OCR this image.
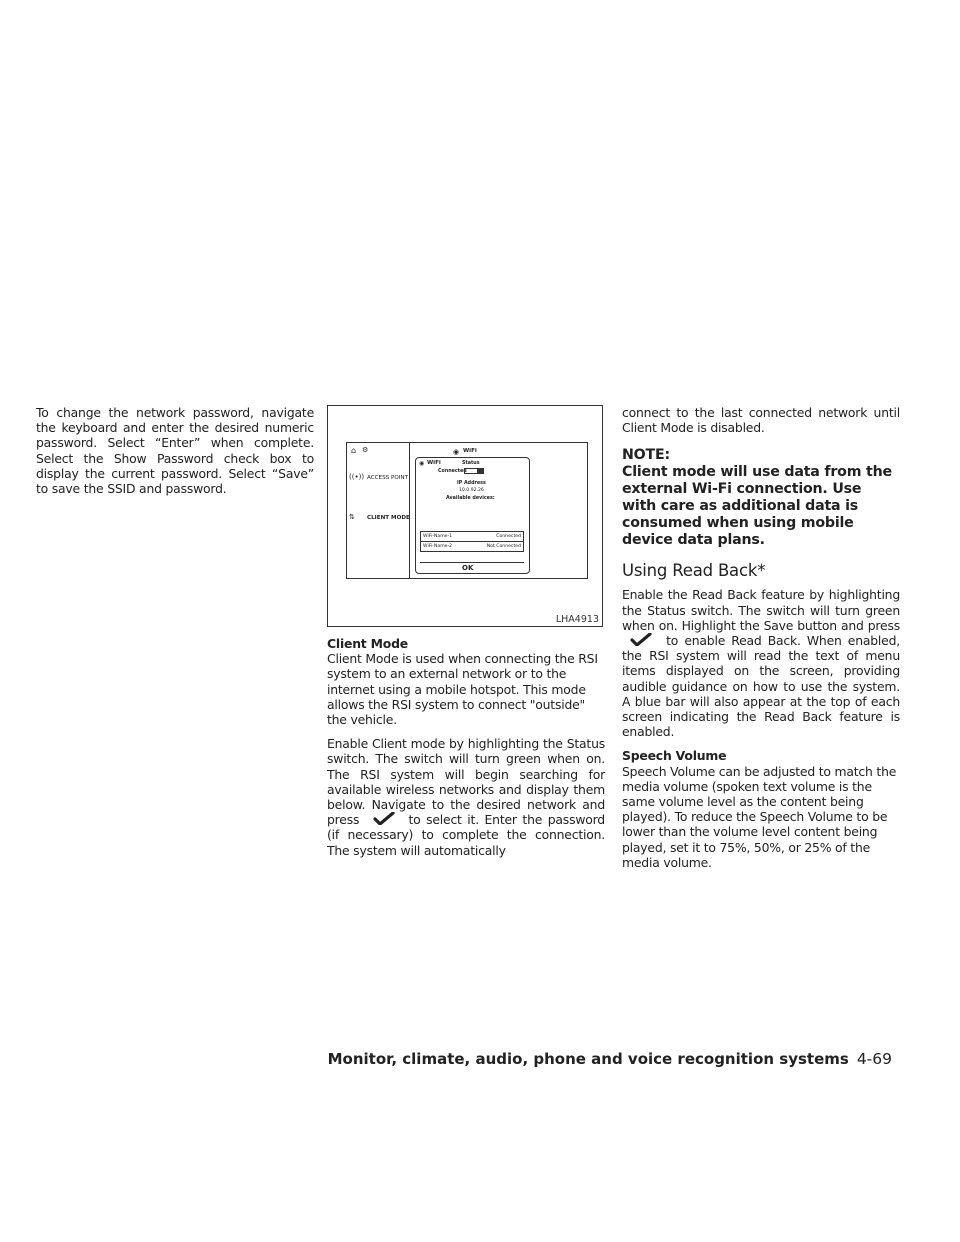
To change the network password, navigate the keyboard and enter the desired numeric password. Select “Enter” when complete. Select the Show Password check box to display the current password. Select “Save” to save the SSID and password.

⌂ ⚙	◉ WiFi
((•)) ACCESS POINT
⇅ CLIENT MODE
◉ WiFi	Status
Connected
IP Address
10.0.92.26
Available devices:
WiFi-Name-1	Connected
WiFi-Name-2	Not Connected
OK
LHA4913

Client Mode
Client Mode is used when connecting the RSI system to an external network or to the internet using a mobile hotspot. This mode allows the RSI system to connect "outside" the vehicle.

Enable Client mode by highlighting the Status switch. The switch will turn green when on. The RSI system will begin searching for available wireless networks and display them below. Navigate to the desired network and press	to select it. Enter the password (if necessary) to complete the connection. The system will automatically

connect to the last connected network until Client Mode is disabled.

NOTE:
Client mode will use data from the external Wi-Fi connection. Use with care as additional data is consumed when using mobile device data plans.
Using Read Back*

Enable the Read Back feature by highlighting the Status switch. The switch will turn green when on. Highlight the Save button and press  to enable Read Back. When enabled, the RSI system will read the text of menu items displayed on the screen, providing audible guidance on how to use the system. A blue bar will also appear at the top of each screen indicating the Read Back feature is enabled.

Speech Volume
Speech Volume can be adjusted to match the media volume (spoken text volume is the same volume level as the content being played). To reduce the Speech Volume to be lower than the volume level content being played, set it to 75%, 50%, or 25% of the media volume.

Monitor, climate, audio, phone and voice recognition systems 4-69
